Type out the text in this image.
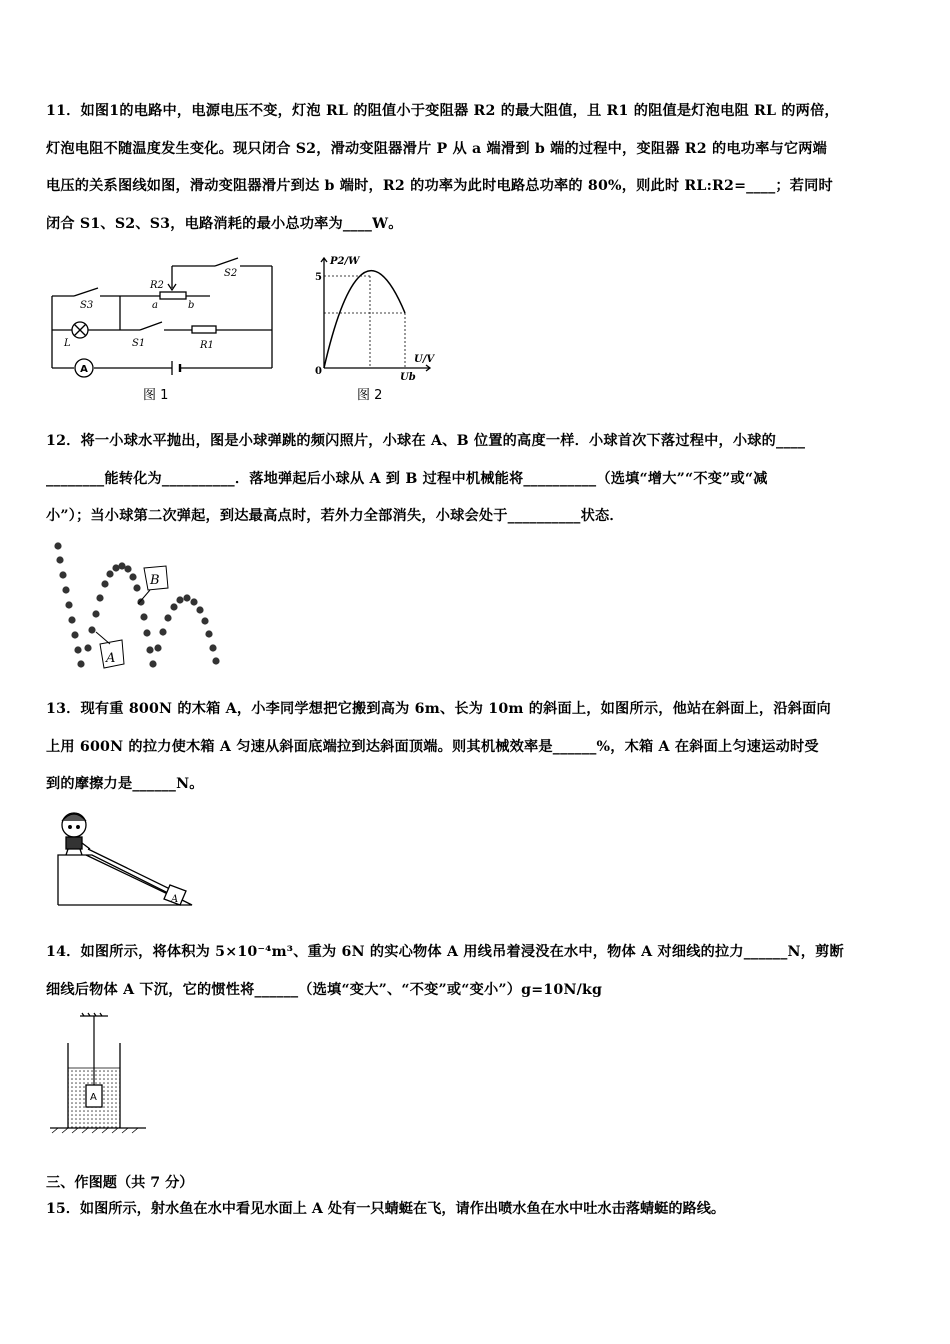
11．如图1的电路中，电源电压不变，灯泡 RL 的阻值小于变阻器 R2 的最大阻值，且 R1 的阻值是灯泡电阻 RL 的两倍，

灯泡电阻不随温度发生变化。现只闭合 S2，滑动变阻器滑片 P 从 a 端滑到 b 端的过程中，变阻器 R2 的电功率与它两端

电压的关系图线如图，滑动变阻器滑片到达 b 端时，R2 的功率为此时电路总功率的 80%，则此时 RL:R2=____；若同时

闭合 S1、S2、S3，电路消耗的最小总功率为____W。

A
S3
R2
a	b
S2
L	S1	R1
图 1
P2/W
U/V
0
5
Ub
图 2

12．将一小球水平抛出，图是小球弹跳的频闪照片，小球在 A、B 位置的高度一样．小球首次下落过程中，小球的____

________能转化为__________．落地弹起后小球从 A 到 B 过程中机械能将__________（选填“增大”“不变”或“减

小”）；当小球第二次弹起，到达最高点时，若外力全部消失，小球会处于__________状态．

A
B

13．现有重 800N 的木箱 A，小李同学想把它搬到高为 6m、长为 10m 的斜面上，如图所示，他站在斜面上，沿斜面向

上用 600N 的拉力使木箱 A 匀速从斜面底端拉到达斜面顶端。则其机械效率是______%，木箱 A 在斜面上匀速运动时受

到的摩擦力是______N。

A

14．如图所示，将体积为 5×10⁻⁴m³、重为 6N 的实心物体 A 用线吊着浸没在水中，物体 A 对细线的拉力______N，剪断

细线后物体 A 下沉，它的惯性将______（选填“变大”、“不变”或“变小”）g=10N/kg

A
三、作图题（共 7 分）
15．如图所示，射水鱼在水中看见水面上 A 处有一只蜻蜓在飞，请作出喷水鱼在水中吐水击落蜻蜓的路线。
